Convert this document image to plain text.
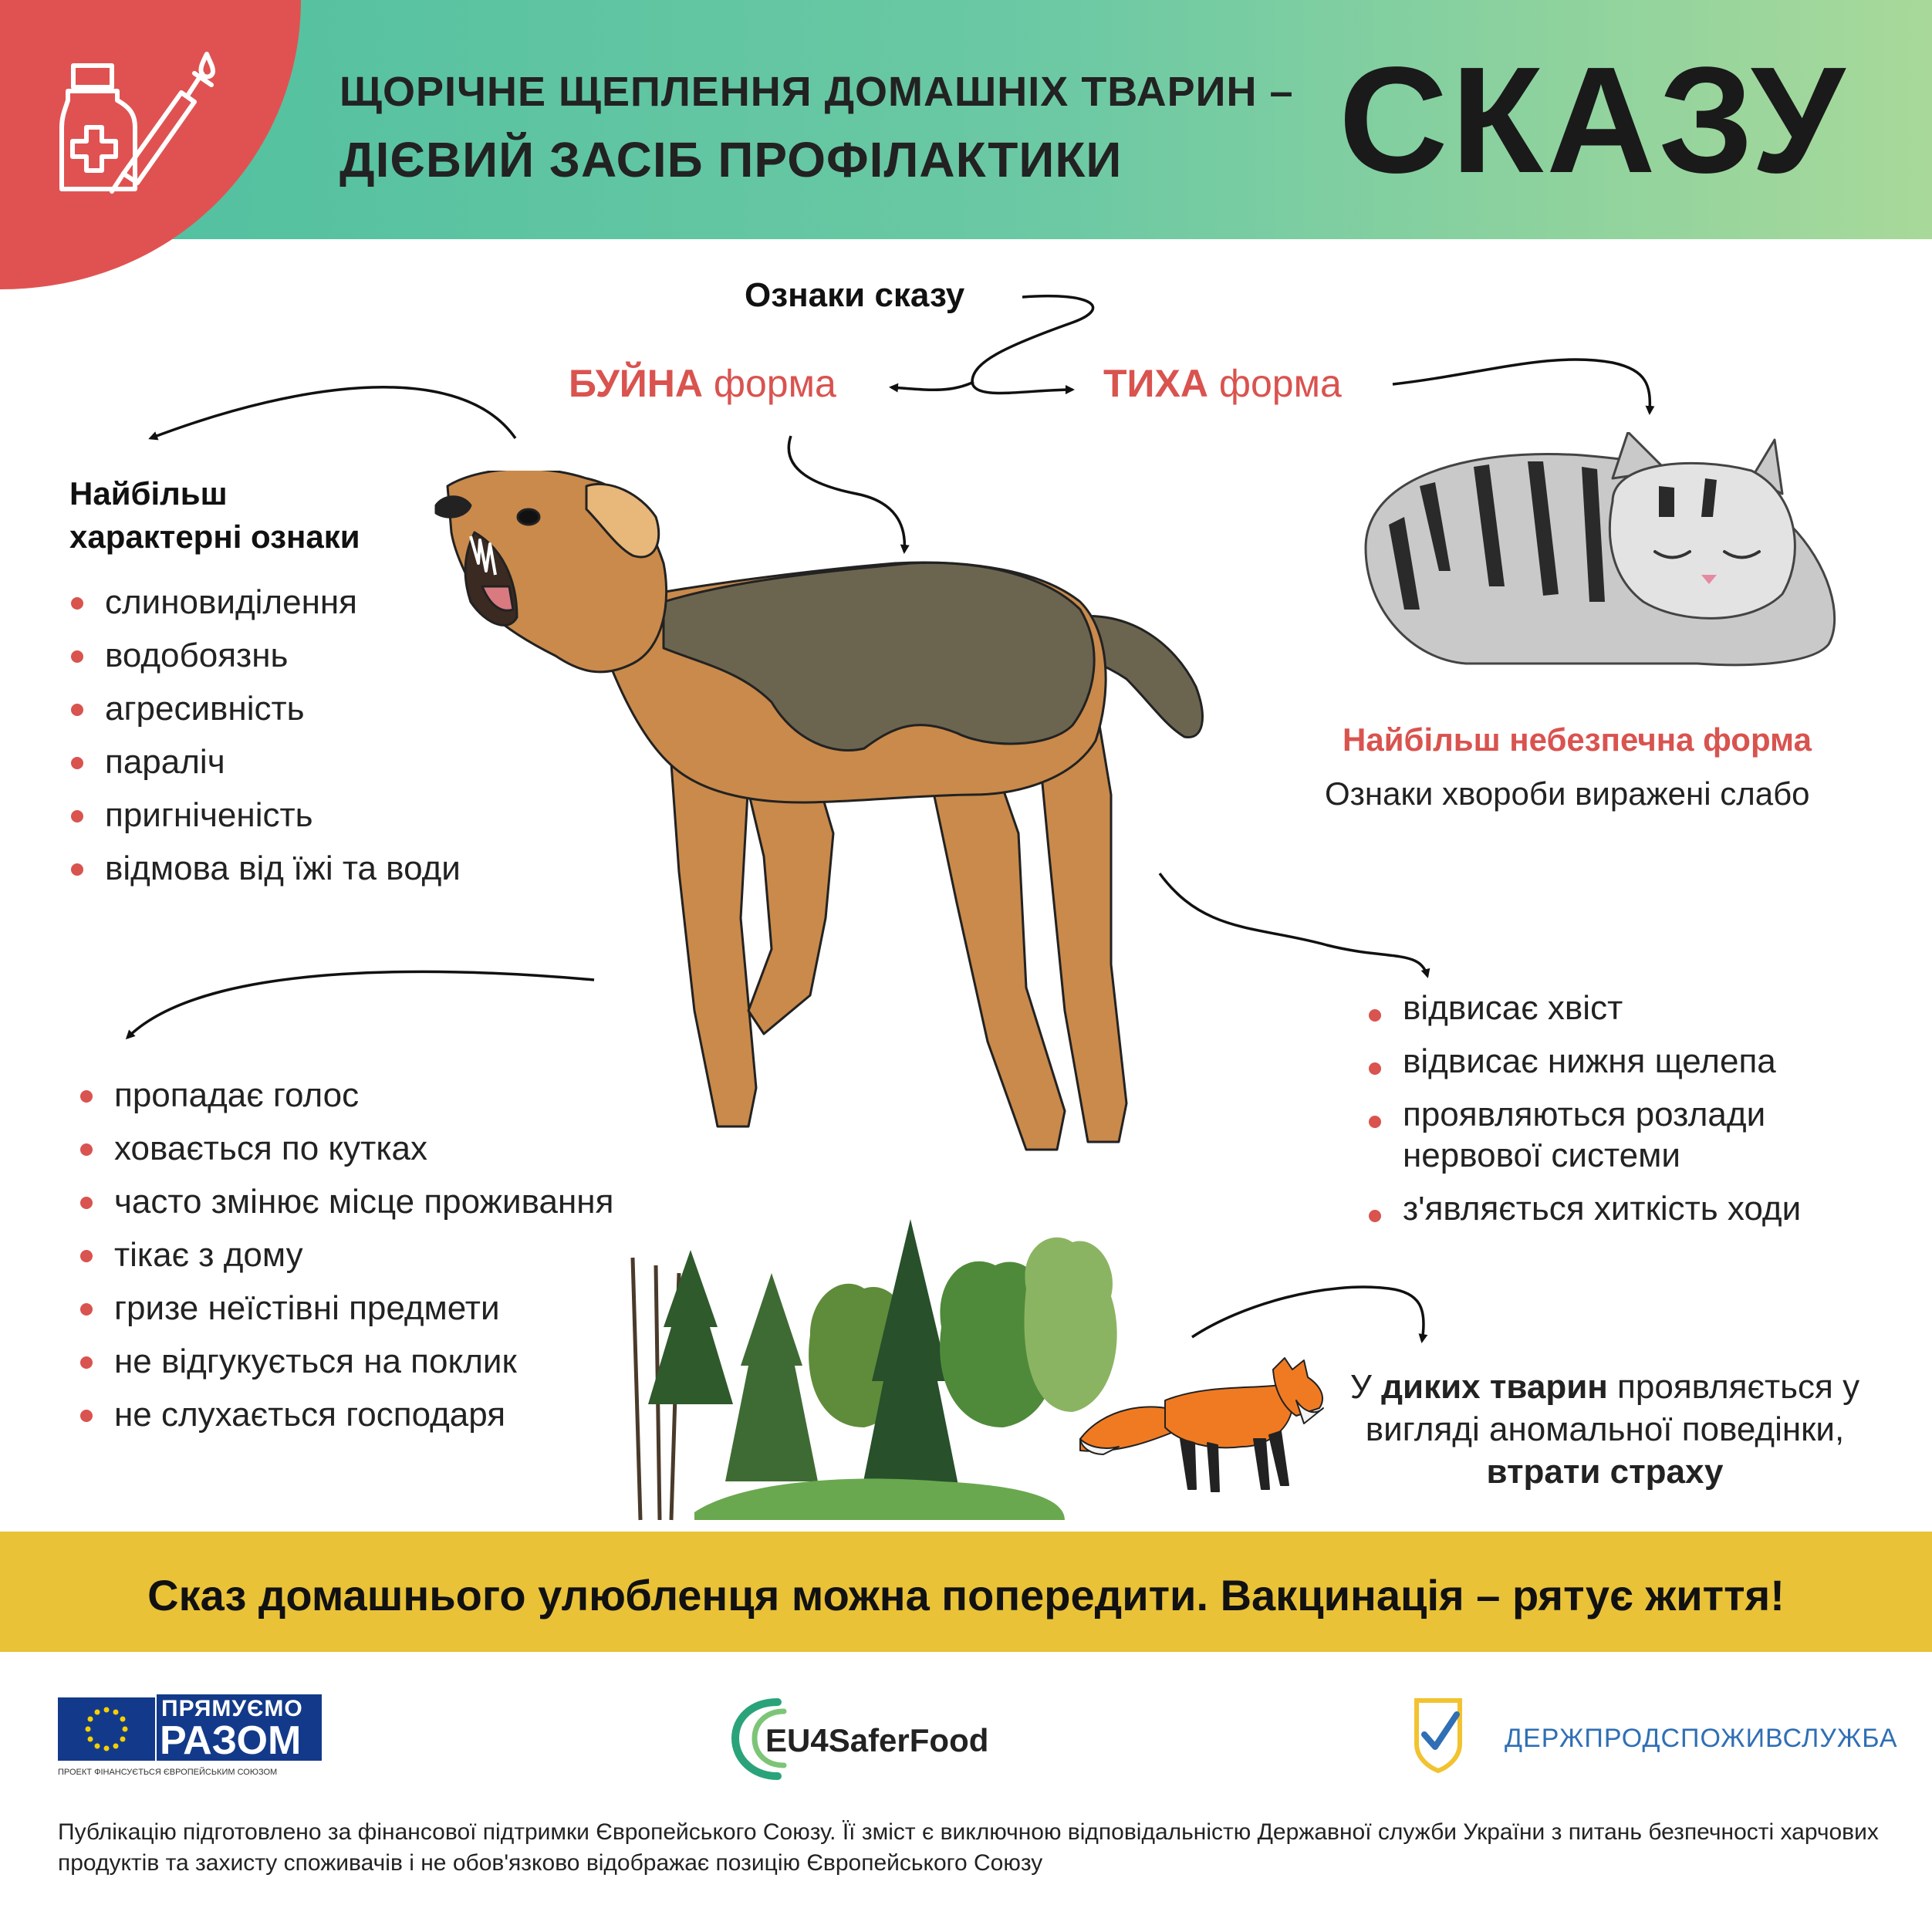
ЩОРІЧНЕ ЩЕПЛЕННЯ ДОМАШНІХ ТВАРИН –
ДІЄВИЙ ЗАСІБ ПРОФІЛАКТИКИ СКАЗУ
Ознаки сказу
БУЙНА форма	ТИХА форма
Найбільш
характерні ознаки
слиновиділення
водобоязнь
агресивність
параліч
пригніченість
відмова від їжі та води
пропадає голос
ховається по кутках
часто змінює місце проживання
тікає з дому
гризе неїстівні предмети
не відгукується на поклик
не слухається господаря
Найбільш небезпечна форма
Ознаки хвороби виражені слабо
відвисає хвіст
відвисає нижня щелепа
проявляються розлади нервової системи
з'являється хиткість ходи
У диких тварин проявляється у вигляді аномальної поведінки, втрати страху
Сказ домашнього улюбленця можна попередити. Вакцинація – рятує життя!
ПРЯМУЄМО
РАЗОМ
ПРОЕКТ ФІНАНСУЄТЬСЯ ЄВРОПЕЙСЬКИМ СОЮЗОМ
EU4SaferFood	ДЕРЖПРОДСПОЖИВСЛУЖБА
Публікацію підготовлено за фінансової підтримки Європейського Союзу. Її зміст є виключною відповідальністю Державної служби України з питань безпечності харчових продуктів та захисту споживачів і не обов'язково відображає позицію Європейського Союзу
